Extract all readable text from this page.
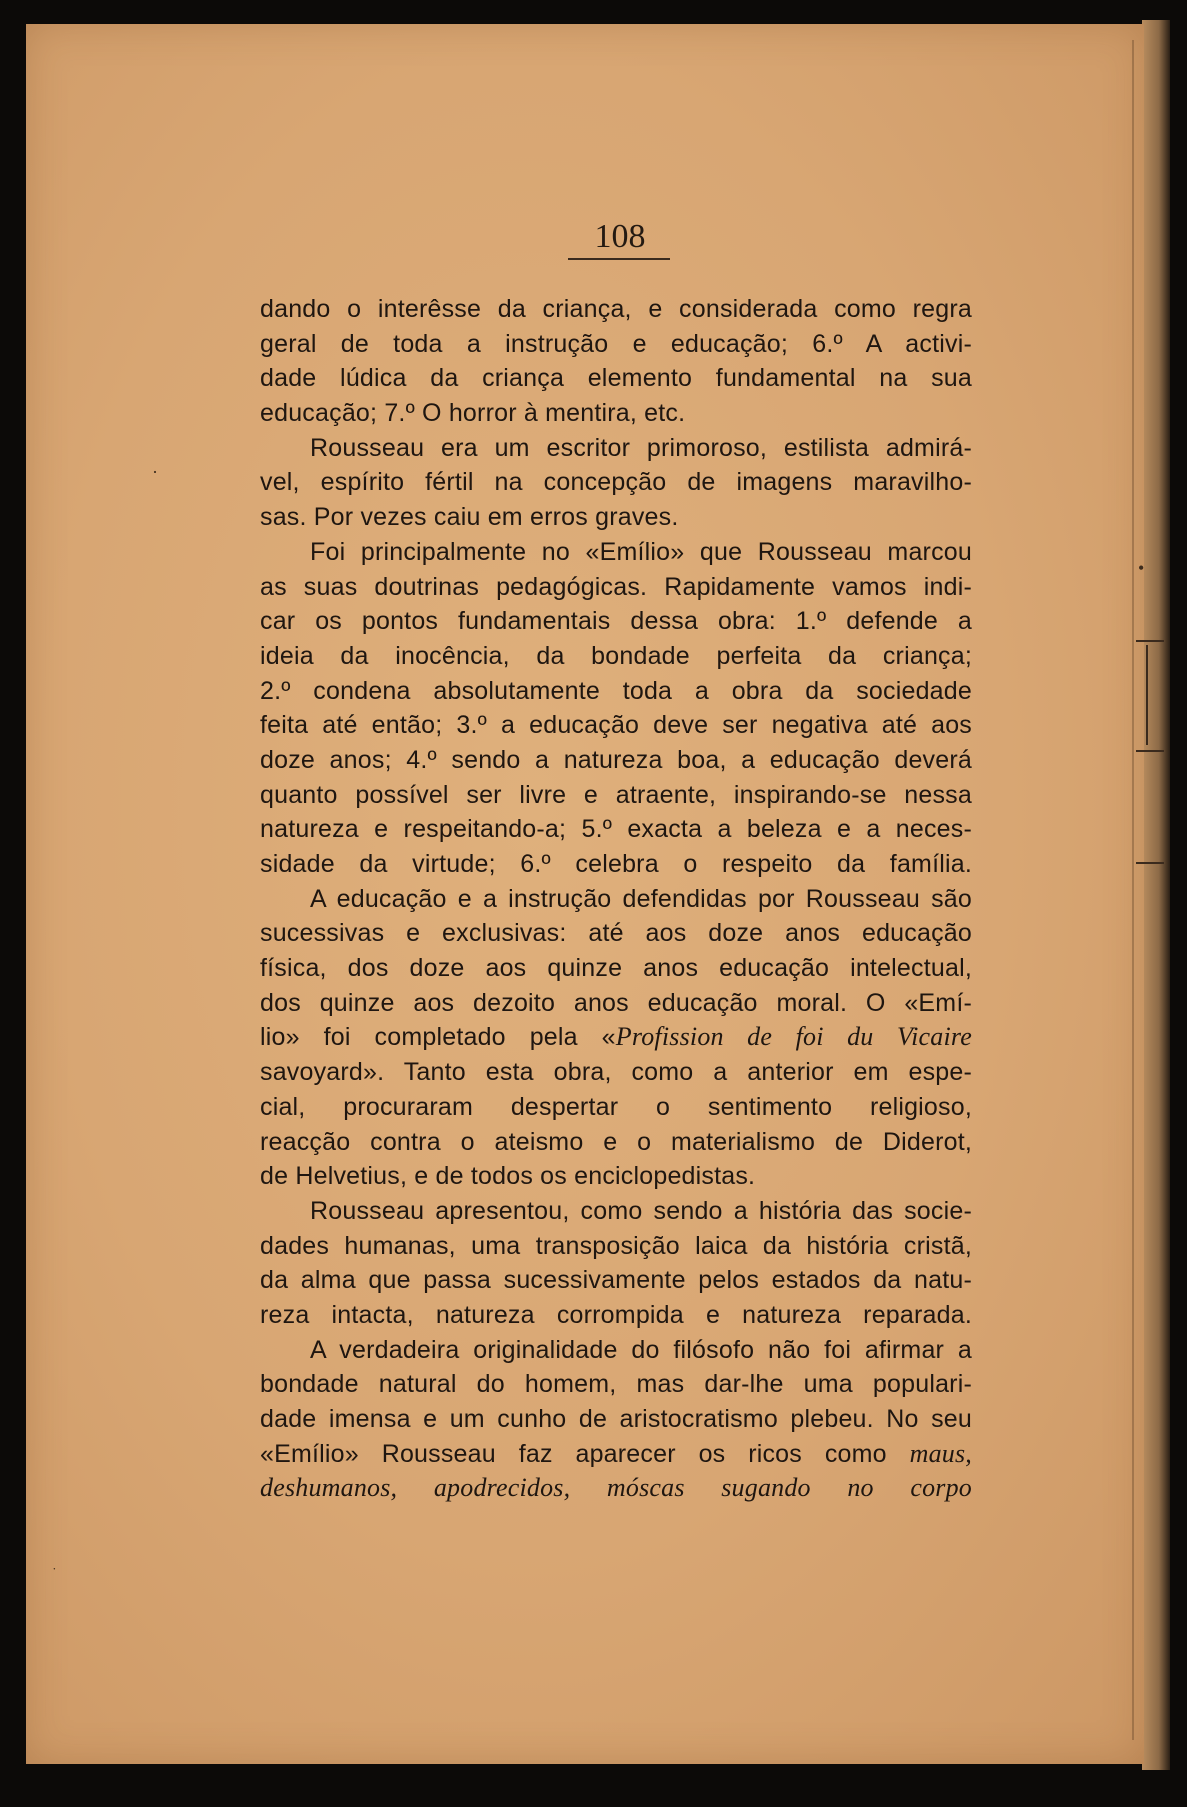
108
dando o interêsse da criança, e considerada como regra
geral de toda a instrução e educação; 6.º A activi-
dade lúdica da criança elemento fundamental na sua
educação; 7.º O horror à mentira, etc.
Rousseau era um escritor primoroso, estilista admirá-
vel, espírito fértil na concepção de imagens maravilho-
sas. Por vezes caiu em erros graves.
Foi principalmente no «Emílio» que Rousseau marcou
as suas doutrinas pedagógicas. Rapidamente vamos indi-
car os pontos fundamentais dessa obra: 1.º defende a
ideia da inocência, da bondade perfeita da criança;
2.º condena absolutamente toda a obra da sociedade
feita até então; 3.º a educação deve ser negativa até aos
doze anos; 4.º sendo a natureza boa, a educação deverá
quanto possível ser livre e atraente, inspirando-se nessa
natureza e respeitando-a; 5.º exacta a beleza e a neces-
sidade da virtude; 6.º celebra o respeito da família.
A educação e a instrução defendidas por Rousseau são
sucessivas e exclusivas: até aos doze anos educação
física, dos doze aos quinze anos educação intelectual,
dos quinze aos dezoito anos educação moral. O «Emí-
lio» foi completado pela «Profission de foi du Vicaire
savoyard». Tanto esta obra, como a anterior em espe-
cial, procuraram despertar o sentimento religioso,
reacção contra o ateismo e o materialismo de Diderot,
de Helvetius, e de todos os enciclopedistas.
Rousseau apresentou, como sendo a história das socie-
dades humanas, uma transposição laica da história cristã,
da alma que passa sucessivamente pelos estados da natu-
reza intacta, natureza corrompida e natureza reparada.
A verdadeira originalidade do filósofo não foi afirmar a
bondade natural do homem, mas dar-lhe uma populari-
dade imensa e um cunho de aristocratismo plebeu. No seu
«Emílio» Rousseau faz aparecer os ricos como maus,
deshumanos, apodrecidos, móscas sugando no corpo
•
·
˙
